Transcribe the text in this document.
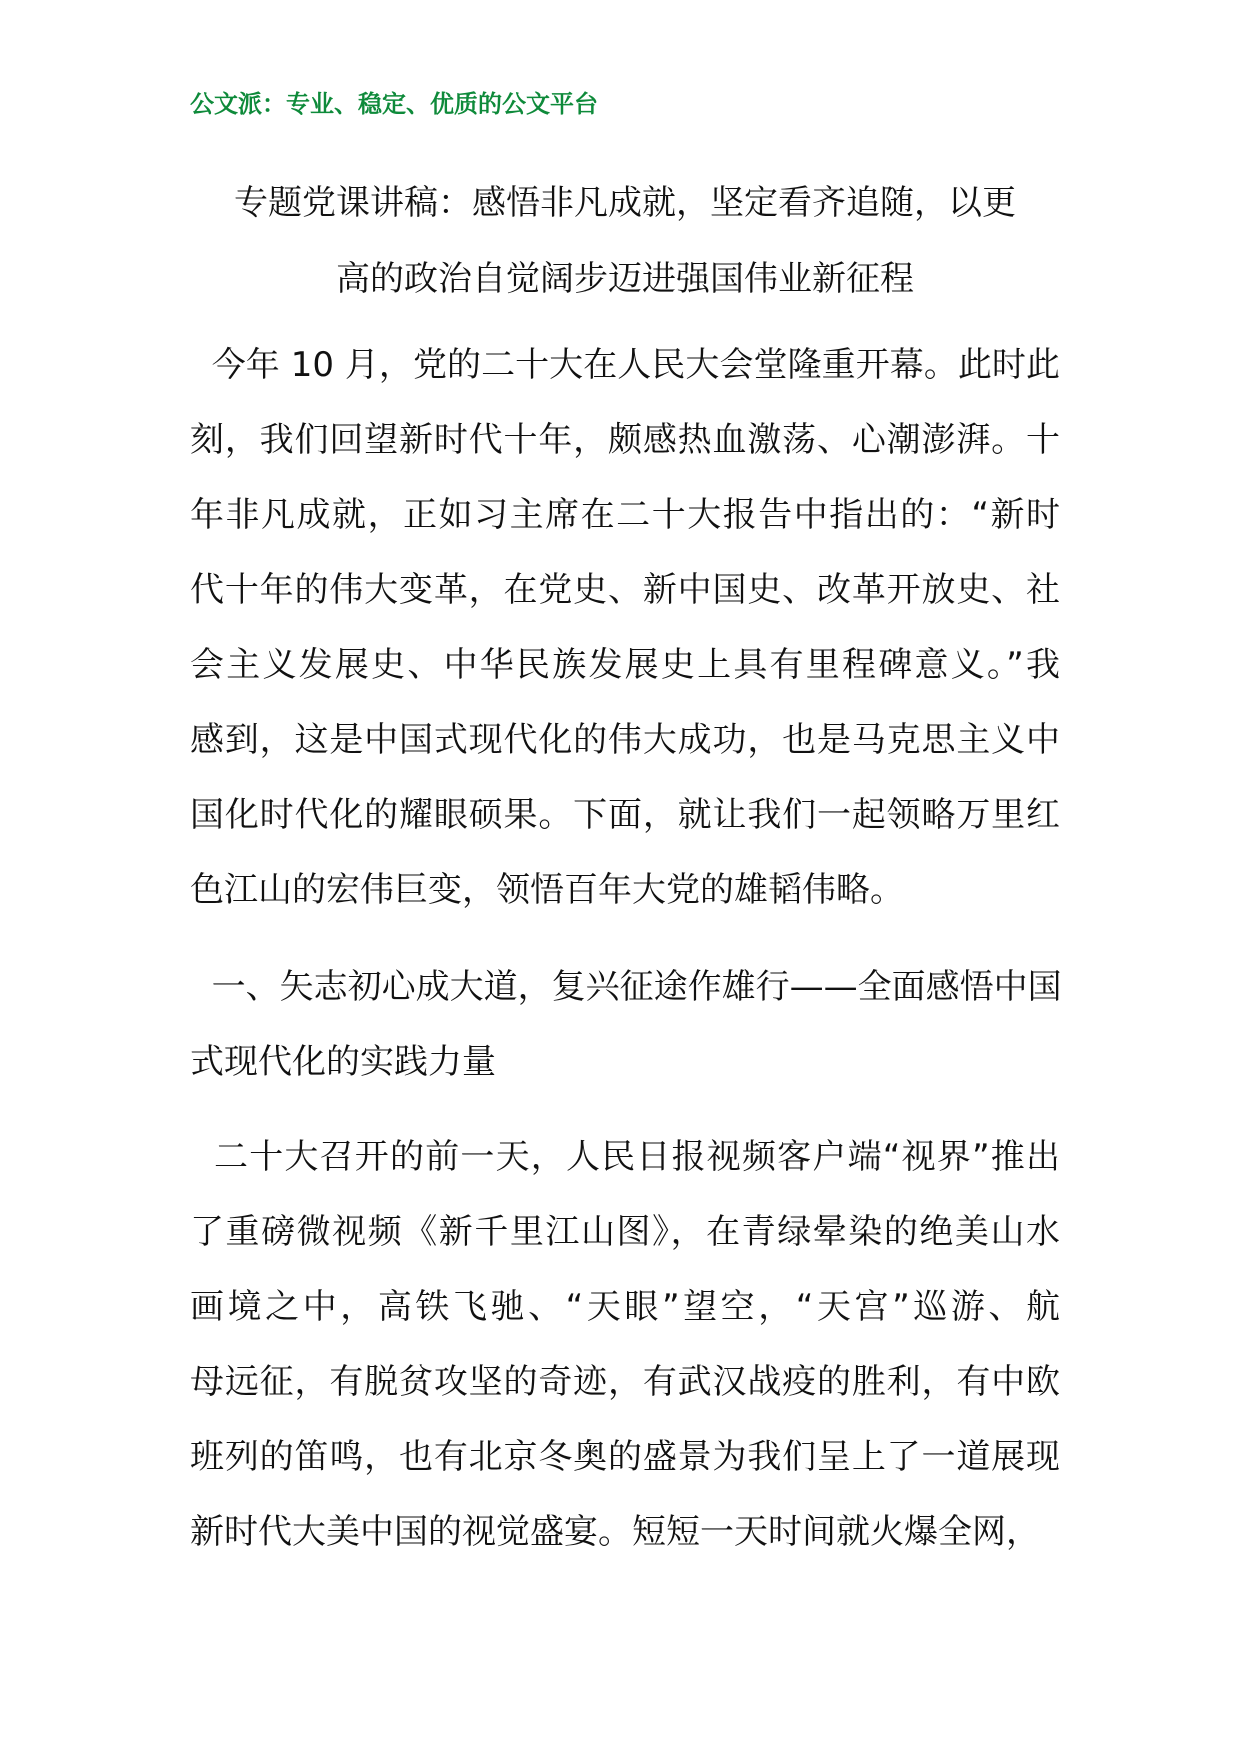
公文派：专业、稳定、优质的公文平台

专题党课讲稿：感悟非凡成就，坚定看齐追随，以更
高的政治自觉阔步迈进强国伟业新征程

今年 10 月，党的二十大在人民大会堂隆重开幕。此时此
刻，我们回望新时代十年，颇感热血激荡、心潮澎湃。十
年非凡成就，正如习主席在二十大报告中指出的：“新时
代十年的伟大变革，在党史、新中国史、改革开放史、社
会主义发展史、中华民族发展史上具有里程碑意义。”我
感到，这是中国式现代化的伟大成功，也是马克思主义中
国化时代化的耀眼硕果。下面，就让我们一起领略万里红
色江山的宏伟巨变，领悟百年大党的雄韬伟略。

一、矢志初心成大道，复兴征途作雄行——全面感悟中国
式现代化的实践力量

二十大召开的前一天，人民日报视频客户端“视界”推出
了重磅微视频《新千里江山图》，在青绿晕染的绝美山水
画境之中，高铁飞驰、“天眼”望空，“天宫”巡游、航
母远征，有脱贫攻坚的奇迹，有武汉战疫的胜利，有中欧
班列的笛鸣，也有北京冬奥的盛景为我们呈上了一道展现
新时代大美中国的视觉盛宴。短短一天时间就火爆全网，
